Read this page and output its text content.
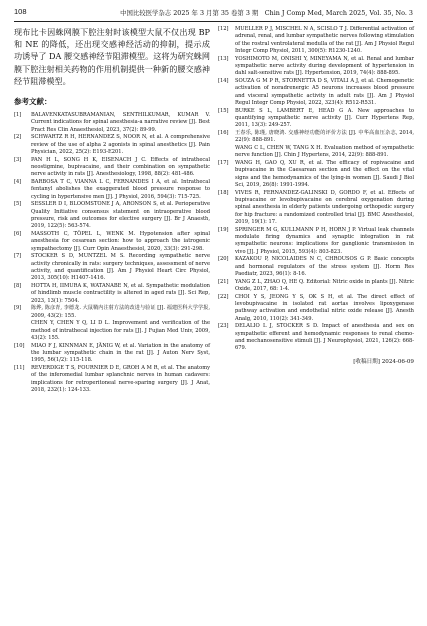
108	中国比较医学杂志 2025 年 3 月第 35 卷第 3 期　Chin J Comp Med, March 2025, Vol. 35, No. 3

现布比卡因蛛网膜下腔注射时该模型大鼠不仅出现 BP 和 NE 的降低，还出现交感神经活动的抑制，提示成功诱导了 DA 腰交感神经节阻滞模型。这将为研究蛛网膜下腔注射相关药物的作用机制提供一种新的腰交感神经节阻滞模型。

参考文献：
[1] BALAVENKATASUBRAMANIAN, SENTHILKUMAR, KUMAR V. Current indications for spinal anesthesia-a narrative review [J]. Best Pract Res Clin Anaesthesiol, 2023, 37(2): 89-99.
[2] SCHWARTZ R H, HERNANDEZ S, NOOR N, et al. A comprehensive review of the use of alpha 2 agonists in spinal anesthetics [J]. Pain Physician, 2022, 25(2): E193-E201.
[3] PAN H L, SONG H K, EISENACH J C. Effects of intrathecal neostigmine, bupivacaine, and their combination on sympathetic nerve activity in rats [J]. Anesthesiology, 1998, 88(2): 481-486.
[4] BARBOSA T C, VIANNA L C, FERNANDES I A, et al. Intrathecal fentanyl abolishes the exaggerated blood pressure response to cycling in hypertensive men [J]. J Physiol, 2016, 594(3): 715-725.
[5] SESSLER D I, BLOOMSTONE J A, ARONSON S, et al. Perioperative Quality Initiative consensus statement on intraoperative blood pressure, risk and outcomes for elective surgery [J]. Br J Anaesth, 2019, 122(5): 563-574.
[6] MASSOTH C, TÖPEL L, WENK M. Hypotension after spinal anesthesia for cesarean section: how to approach the iatrogenic sympathectomy [J]. Curr Opin Anaesthesiol, 2020, 33(3): 291-298.
[7] STOCKER S D, MUNTZEL M S. Recording sympathetic nerve activity chronically in rats: surgery techniques, assessment of nerve activity, and quantification [J]. Am J Physiol Heart Circ Physiol, 2013, 305(10): H1407-1416.
[8] HOTTA H, IIMURA K, WATANABE N, et al. Sympathetic modulation of hindlimb muscle contractility is altered in aged rats [J]. Sci Rep, 2023, 13(1): 7504.
[9] 陈烨, 陈彦青, 李德龙. 大鼠鞘内注射方法的改进与验证 [J]. 福建医科大学学报, 2009, 43(2): 155.
CHEN Y, CHEN Y Q, LI D L. Improvement and verification of the method of intrathecal injection for rats [J]. J Fujian Med Univ, 2009, 43(2): 155.
[10] MIAO F J, KINNMAN E, JÄNIG W, et al. Variation in the anatomy of the lumbar sympathetic chain in the rat [J]. J Auton Nerv Syst, 1995, 56(1/2): 115-118.
[11] REVERDIGE T S, FOURNIER D E, GROH A M R, et al. The anatomy of the inferomedial lumbar splanchnic nerves in human cadavers: implications for retroperitoneal nerve-sparing surgery [J]. J Anat, 2018, 232(1): 124-133.
[12] MUELLER P J, MISCHEL N A, SCISLO T J. Differential activation of adrenal, renal, and lumbar sympathetic nerves following stimulation of the rostral ventrolateral medulla of the rat [J]. Am J Physiol Regul Integr Comp Physiol, 2011, 300(5): R1230-1240.
[13] YOSHIMOTO M, ONISHI Y, MINEYAMA N, et al. Renal and lumbar sympathetic nerve activity during development of hypertension in dahl salt-sensitive rats [J]. Hypertension, 2019, 74(4): 888-895.
[14] SOUZA G M P R, STORNETTA D S, VITALI A J, et al. Chemogenetic activation of noradrenergic A5 neurons increases blood pressure and visceral sympathetic activity in adult rats [J]. Am J Physiol Regul Integr Comp Physiol, 2022, 323(4): R512-R531.
[15] BURKE S L, LAMBERT E, HEAD G A. New approaches to quantifying sympathetic nerve activity [J]. Curr Hypertens Rep, 2011, 13(3): 249-257.
[16] 王春乐, 陈瑾, 唐晓鸿. 交感神经功能的评价方法 [J]. 中华高血压杂志, 2014, 22(9): 888-891.
WANG C L, CHEN W, TANG X H. Evaluation method of sympathetic nerve function [J]. Chin J Hypertens, 2014, 22(9): 888-891.
[17] WANG H, GAO Q, XU R, et al. The efficacy of ropivacaine and bupivacaine in the Caesarean section and the effect on the vital signs and the hemodynamics of the lying-in women [J]. Saudi J Biol Sci, 2019, 26(8): 1991-1994.
[18] VIVES R, FERNANDEZ-GALINSKI D, GORDO F, et al. Effects of bupivacaine or levobupivacaine on cerebral oxygenation during spinal anesthesia in elderly patients undergoing orthopedic surgery for hip fracture: a randomized controlled trial [J]. BMC Anesthesiol, 2019, 19(1): 17.
[19] SPRINGER M G, KULLMANN P H, HORN J P. Virtual leak channels modulate firing dynamics and synaptic integration in rat sympathetic neurons: implications for ganglionic transmission in vivo [J]. J Physiol, 2015, 593(4): 803-823.
[20] KAZAKOU P, NICOLAIDES N C, CHROUSOS G P. Basic concepts and hormonal regulators of the stress system [J]. Horm Res Paediatr, 2023, 96(1): 8-16.
[21] YANG Z L, ZHAO Q, HE Q. Editorial: Nitric oxide in plants [J]. Nitric Oxide, 2017, 68: 1-4.
[22] CHOI Y S, JEONG Y S, OK S H, et al. The direct effect of levobupivacaine in isolated rat aortas involves lipoxygenase pathway activation and endothelial nitric oxide release [J]. Anesth Analg, 2010, 110(2): 341-349.
[23] DELALIO L J, STOCKER S D. Impact of anesthesia and sex on sympathetic efferent and hemodynamic responses to renal chemo- and mechanosensitive stimuli [J]. J Neurophysiol, 2021, 126(2): 668-679.
[收稿日期] 2024-06-09
